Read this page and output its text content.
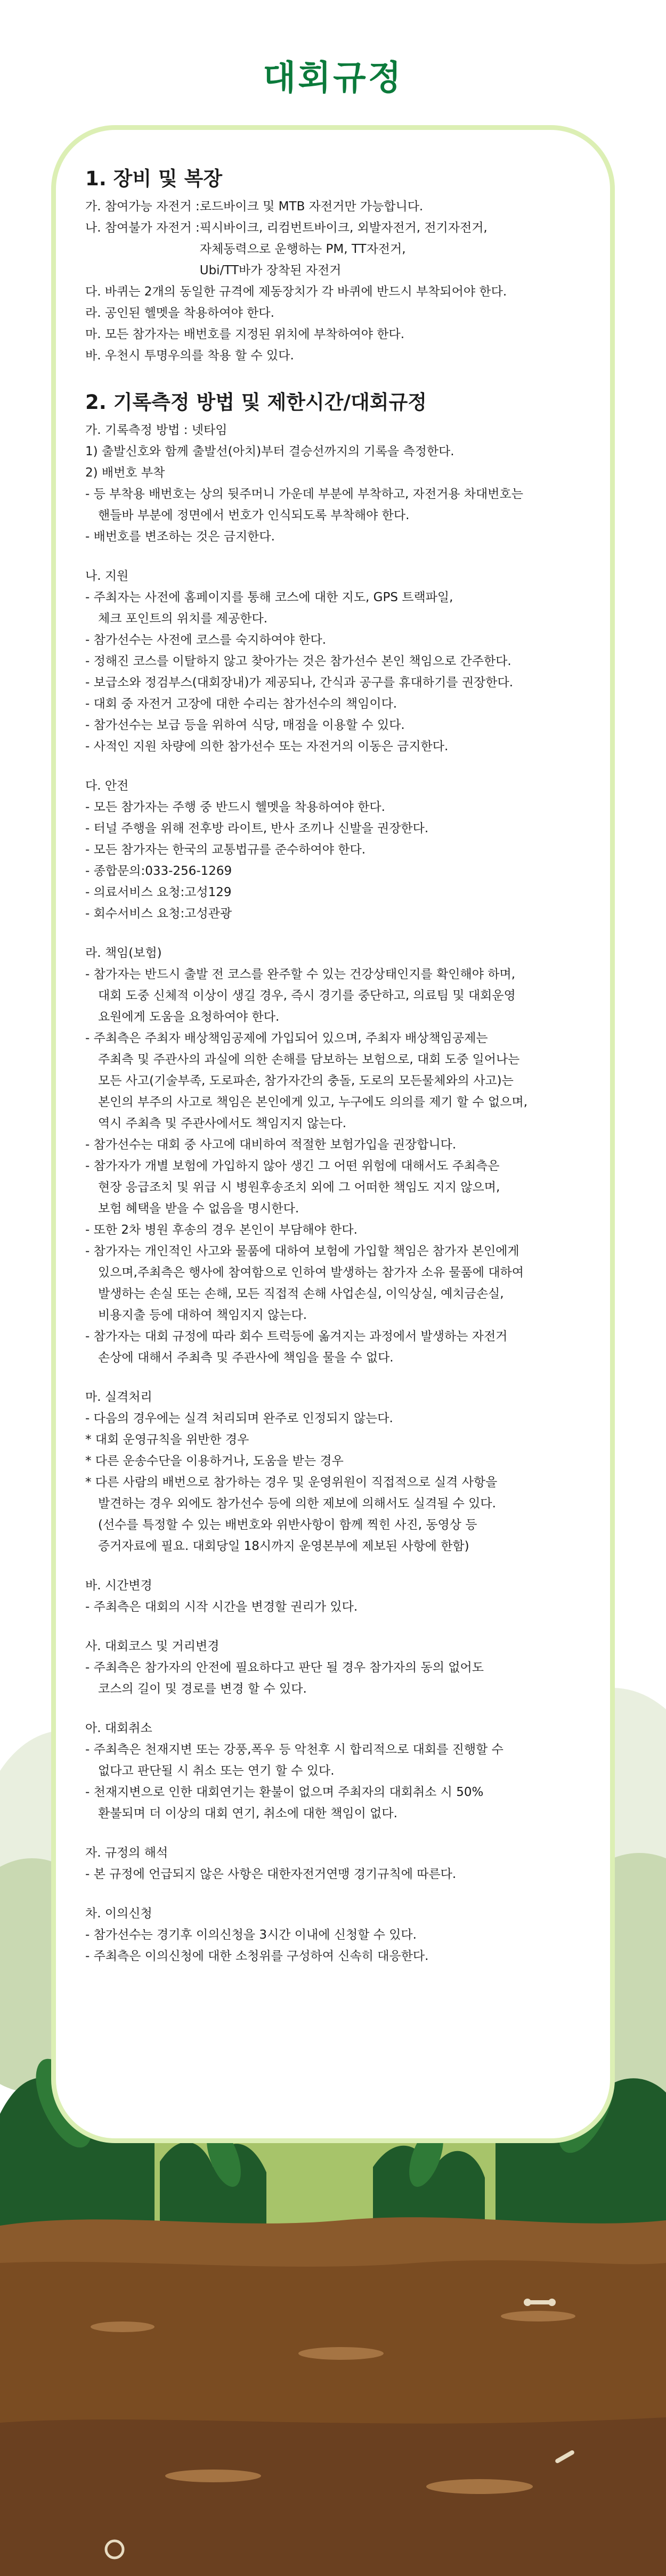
대회규정
1. 장비 및 복장
가. 참여가능 자전거 : 로드바이크 및 MTB 자전거만 가능합니다.
나. 참여불가 자전거 : 픽시바이크, 리컴번트바이크, 외발자전거, 전기자전거,
자체동력으로 운행하는 PM, TT자전거,
Ubi/TT바가 장착된 자전거
다. 바퀴는 2개의 동일한 규격에 제동장치가 각 바퀴에 반드시 부착되어야 한다.
라. 공인된 헬멧을 착용하여야 한다.
마. 모든 참가자는 배번호를 지정된 위치에 부착하여야 한다.
바. 우천시 투명우의를 착용 할 수 있다.
2. 기록측정 방법 및 제한시간/대회규정
가. 기록측정 방법 : 넷타임
1) 출발신호와 함께 출발선(아치)부터 결승선까지의 기록을 측정한다.
2) 배번호 부착
- 등 부착용 배번호는 상의 뒷주머니 가운데 부분에 부착하고, 자전거용 차대번호는
핸들바 부분에 정면에서 번호가 인식되도록 부착해야 한다.
- 배번호를 변조하는 것은 금지한다.
나. 지원
- 주최자는 사전에 홈페이지를 통해 코스에 대한 지도, GPS 트랙파일,
체크 포인트의 위치를 제공한다.
- 참가선수는 사전에 코스를 숙지하여야 한다.
- 정해진 코스를 이탈하지 않고 찾아가는 것은 참가선수 본인 책임으로 간주한다.
- 보급소와 정검부스(대회장내)가 제공되나, 간식과 공구를 휴대하기를 권장한다.
- 대회 중 자전거 고장에 대한 수리는 참가선수의 책임이다.
- 참가선수는 보급 등을 위하여 식당, 매점을 이용할 수 있다.
- 사적인 지원 차량에 의한 참가선수 또는 자전거의 이동은 금지한다.
다. 안전
- 모든 참가자는 주행 중 반드시 헬멧을 착용하여야 한다.
- 터널 주행을 위해 전후방 라이트, 반사 조끼나 신발을 권장한다.
- 모든 참가자는 한국의 교통법규를 준수하여야 한다.
- 종합문의:033-256-1269
- 의료서비스 요청:고성129
- 회수서비스 요청:고성관광
라. 책임(보험)
- 참가자는 반드시 출발 전 코스를 완주할 수 있는 건강상태인지를 확인해야 하며,
대회 도중 신체적 이상이 생길 경우, 즉시 경기를 중단하고, 의료팀 및 대회운영
요원에게 도움을 요청하여야 한다.
- 주최측은 주최자 배상책임공제에 가입되어 있으며, 주최자 배상책임공제는
주최측 및 주관사의 과실에 의한 손해를 담보하는 보험으로, 대회 도중 일어나는
모든 사고(기술부족, 도로파손, 참가자간의 충돌, 도로의 모든물체와의 사고)는
본인의 부주의 사고로 책임은 본인에게 있고, 누구에도 의의를 제기 할 수 없으며,
역시 주최측 및 주관사에서도 책임지지 않는다.
- 참가선수는 대회 중 사고에 대비하여 적절한 보험가입을 권장합니다.
- 참가자가 개별 보험에 가입하지 않아 생긴 그 어떤 위험에 대해서도 주최측은
현장 응급조치 및 위급 시 병원후송조치 외에 그 어떠한 책임도 지지 않으며,
보험 혜택을 받을 수 없음을 명시한다.
- 또한 2차 병원 후송의 경우 본인이 부담해야 한다.
- 참가자는 개인적인 사고와 물품에 대하여 보험에 가입할 책임은 참가자 본인에게
있으며,주최측은 행사에 참여함으로 인하여 발생하는 참가자 소유 물품에 대하여
발생하는 손실 또는 손해, 모든 직접적 손해 사업손실, 이익상실, 예치금손실,
비용지출 등에 대하여 책임지지 않는다.
- 참가자는 대회 규정에 따라 회수 트럭등에 옮겨지는 과정에서 발생하는 자전거
손상에 대해서 주최측 및 주관사에 책임을 물을 수 없다.
마. 실격처리
- 다음의 경우에는 실격 처리되며 완주로 인정되지 않는다.
* 대회 운영규칙을 위반한 경우
* 다른 운송수단을 이용하거나, 도움을 받는 경우
* 다른 사람의 배번으로 참가하는 경우 및 운영위원이 직접적으로 실격 사항을
발견하는 경우 외에도 참가선수 등에 의한 제보에 의해서도 실격될 수 있다.
(선수를 특정할 수 있는 배번호와 위반사항이 함께 찍힌 사진, 동영상 등
증거자료에 필요. 대회당일 18시까지 운영본부에 제보된 사항에 한함)
바. 시간변경
- 주최측은 대회의 시작 시간을 변경할 권리가 있다.
사. 대회코스 및 거리변경
- 주최측은 참가자의 안전에 필요하다고 판단 될 경우 참가자의 동의 없어도
코스의 길이 및 경로를 변경 할 수 있다.
아. 대회취소
- 주최측은 천재지변 또는 강풍,폭우 등 악천후 시 합리적으로 대회를 진행할 수
없다고 판단될 시 취소 또는 연기 할 수 있다.
- 천재지변으로 인한 대회연기는 환불이 없으며 주최자의 대회취소 시 50%
환불되며 더 이상의 대회 연기, 취소에 대한 책임이 없다.
자. 규정의 해석
- 본 규정에 언급되지 않은 사항은 대한자전거연맹 경기규칙에 따른다.
차. 이의신청
- 참가선수는 경기후 이의신청을 3시간 이내에 신청할 수 있다.
- 주최측은 이의신청에 대한 소청위를 구성하여 신속히 대응한다.
